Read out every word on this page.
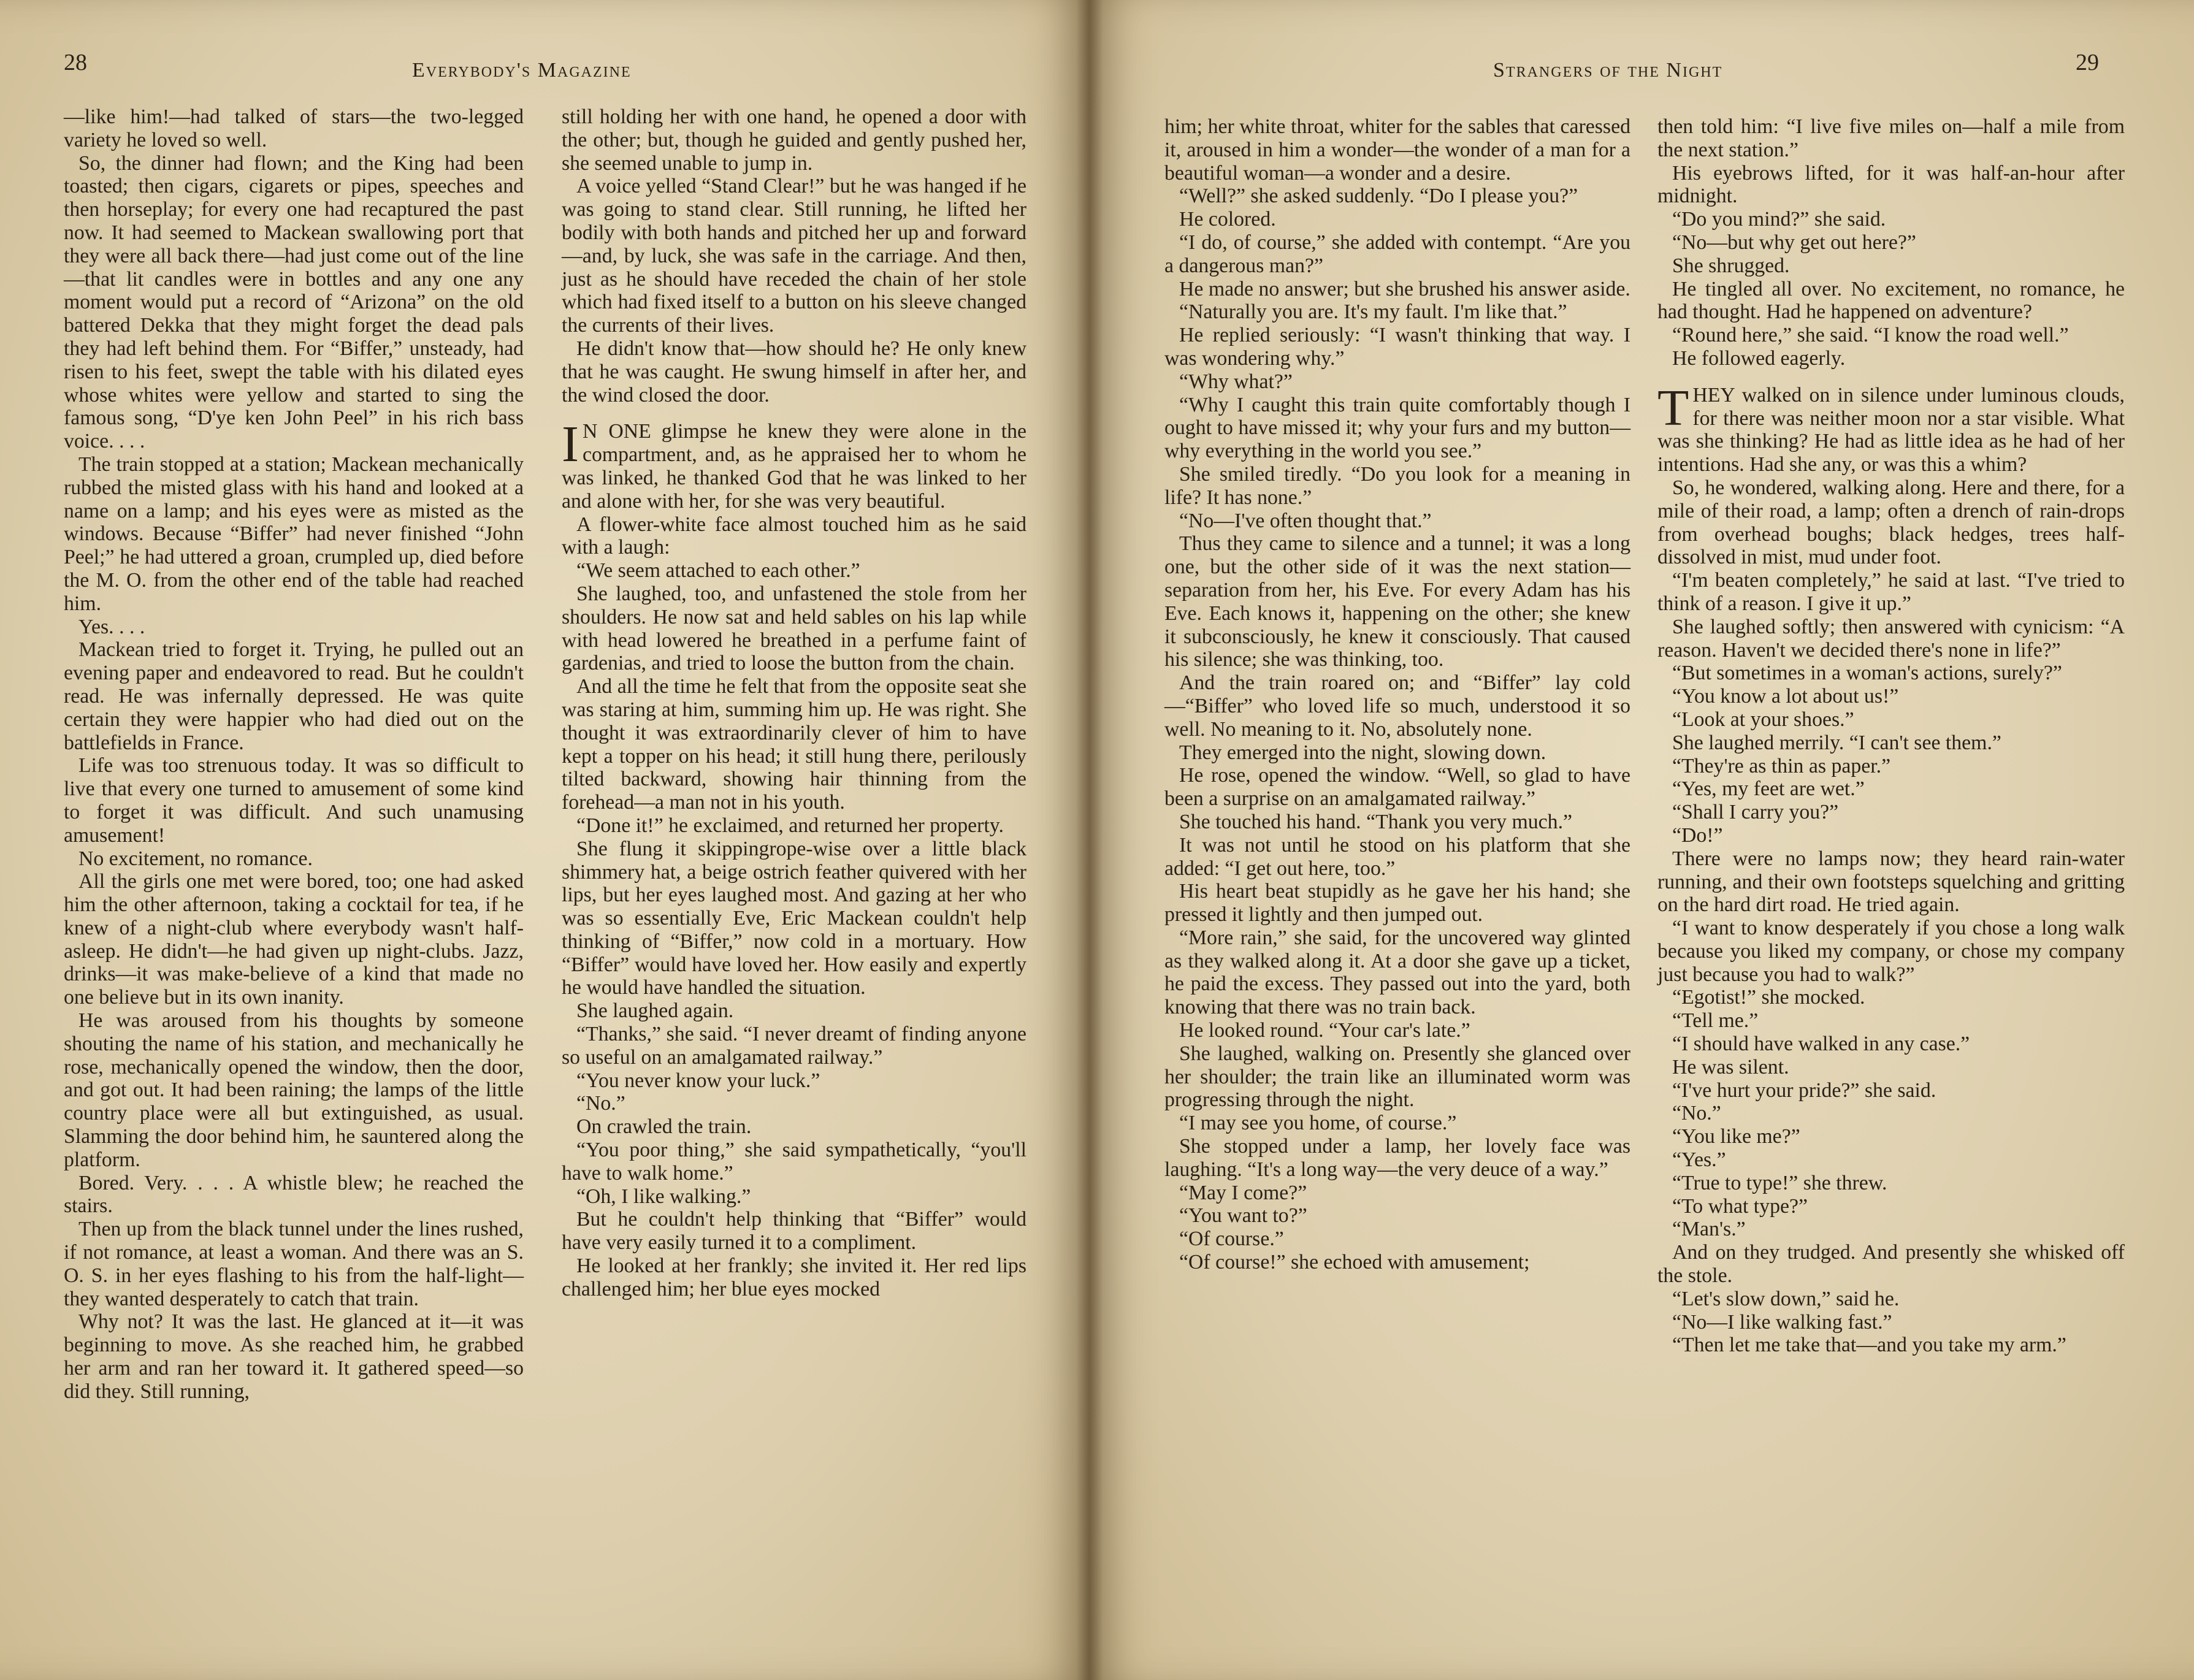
28	Everybody's Magazine

—like him!—had talked of stars—the two-legged variety he loved so well.

So, the dinner had flown; and the King had been toasted; then cigars, cigarets or pipes, speeches and then horseplay; for every one had recaptured the past now. It had seemed to Mackean swallowing port that they were all back there—had just come out of the line—that lit candles were in bottles and any one any moment would put a record of “Arizona” on the old battered Dekka that they might forget the dead pals they had left behind them. For “Biffer,” unsteady, had risen to his feet, swept the table with his dilated eyes whose whites were yellow and started to sing the famous song, “D'ye ken John Peel” in his rich bass voice. . . .

The train stopped at a station; Mackean mechanically rubbed the misted glass with his hand and looked at a name on a lamp; and his eyes were as misted as the windows. Because “Biffer” had never finished “John Peel;” he had uttered a groan, crumpled up, died before the M. O. from the other end of the table had reached him.

Yes. . . .

Mackean tried to forget it. Trying, he pulled out an evening paper and endeavored to read. But he couldn't read. He was infernally depressed. He was quite certain they were happier who had died out on the battlefields in France.

Life was too strenuous today. It was so difficult to live that every one turned to amusement of some kind to forget it was difficult. And such unamusing amusement!

No excitement, no romance.

All the girls one met were bored, too; one had asked him the other afternoon, taking a cocktail for tea, if he knew of a night-club where everybody wasn't half-asleep. He didn't—he had given up night-clubs. Jazz, drinks—it was make-believe of a kind that made no one believe but in its own inanity.

He was aroused from his thoughts by someone shouting the name of his station, and mechanically he rose, mechanically opened the window, then the door, and got out. It had been raining; the lamps of the little country place were all but extinguished, as usual. Slamming the door behind him, he sauntered along the platform.

Bored. Very. . . . A whistle blew; he reached the stairs.

Then up from the black tunnel under the lines rushed, if not romance, at least a woman. And there was an S. O. S. in her eyes flashing to his from the half-light—they wanted desperately to catch that train.

Why not? It was the last. He glanced at it—it was beginning to move. As she reached him, he grabbed her arm and ran her toward it. It gathered speed—so did they. Still running,

still holding her with one hand, he opened a door with the other; but, though he guided and gently pushed her, she seemed unable to jump in.

A voice yelled “Stand Clear!” but he was hanged if he was going to stand clear. Still running, he lifted her bodily with both hands and pitched her up and forward—and, by luck, she was safe in the carriage. And then, just as he should have receded the chain of her stole which had fixed itself to a button on his sleeve changed the currents of their lives.

He didn't know that—how should he? He only knew that he was caught. He swung himself in after her, and the wind closed the door.

I N ONE glimpse he knew they were alone in the compartment, and, as he appraised her to whom he was linked, he thanked God that he was linked to her and alone with her, for she was very beautiful.

A flower-white face almost touched him as he said with a laugh:

“We seem attached to each other.”

She laughed, too, and unfastened the stole from her shoulders. He now sat and held sables on his lap while with head lowered he breathed in a perfume faint of gardenias, and tried to loose the button from the chain.

And all the time he felt that from the opposite seat she was staring at him, summing him up. He was right. She thought it was extraordinarily clever of him to have kept a topper on his head; it still hung there, perilously tilted backward, showing hair thinning from the forehead—a man not in his youth.

“Done it!” he exclaimed, and returned her property.

She flung it skippingrope-wise over a little black shimmery hat, a beige ostrich feather quivered with her lips, but her eyes laughed most. And gazing at her who was so essentially Eve, Eric Mackean couldn't help thinking of “Biffer,” now cold in a mortuary. How “Biffer” would have loved her. How easily and expertly he would have handled the situation.

She laughed again.

“Thanks,” she said. “I never dreamt of finding anyone so useful on an amalgamated railway.”

“You never know your luck.”

“No.”

On crawled the train.

“You poor thing,” she said sympathetically, “you'll have to walk home.”

“Oh, I like walking.”

But he couldn't help thinking that “Biffer” would have very easily turned it to a compliment.

He looked at her frankly; she invited it. Her red lips challenged him; her blue eyes mocked

Strangers of the Night	29

him; her white throat, whiter for the sables that caressed it, aroused in him a wonder—the wonder of a man for a beautiful woman—a wonder and a desire.

“Well?” she asked suddenly. “Do I please you?”

He colored.

“I do, of course,” she added with contempt. “Are you a dangerous man?”

He made no answer; but she brushed his answer aside.

“Naturally you are. It's my fault. I'm like that.”

He replied seriously: “I wasn't thinking that way. I was wondering why.”

“Why what?”

“Why I caught this train quite comfortably though I ought to have missed it; why your furs and my button—why everything in the world you see.”

She smiled tiredly. “Do you look for a meaning in life? It has none.”

“No—I've often thought that.”

Thus they came to silence and a tunnel; it was a long one, but the other side of it was the next station—separation from her, his Eve. For every Adam has his Eve. Each knows it, happening on the other; she knew it subconsciously, he knew it consciously. That caused his silence; she was thinking, too.

And the train roared on; and “Biffer” lay cold—“Biffer” who loved life so much, understood it so well. No meaning to it. No, absolutely none.

They emerged into the night, slowing down.

He rose, opened the window. “Well, so glad to have been a surprise on an amalgamated railway.”

She touched his hand. “Thank you very much.”

It was not until he stood on his platform that she added: “I get out here, too.”

His heart beat stupidly as he gave her his hand; she pressed it lightly and then jumped out.

“More rain,” she said, for the uncovered way glinted as they walked along it. At a door she gave up a ticket, he paid the excess. They passed out into the yard, both knowing that there was no train back.

He looked round. “Your car's late.”

She laughed, walking on. Presently she glanced over her shoulder; the train like an illuminated worm was progressing through the night.

“I may see you home, of course.”

She stopped under a lamp, her lovely face was laughing. “It's a long way—the very deuce of a way.”

“May I come?”

“You want to?”

“Of course.”

“Of course!” she echoed with amusement;

then told him: “I live five miles on—half a mile from the next station.”

His eyebrows lifted, for it was half-an-hour after midnight.

“Do you mind?” she said.

“No—but why get out here?”

She shrugged.

He tingled all over. No excitement, no romance, he had thought. Had he happened on adventure?

“Round here,” she said. “I know the road well.”

He followed eagerly.

THEY walked on in silence under luminous clouds, for there was neither moon nor a star visible. What was she thinking? He had as little idea as he had of her intentions. Had she any, or was this a whim?

So, he wondered, walking along. Here and there, for a mile of their road, a lamp; often a drench of rain-drops from overhead boughs; black hedges, trees half-dissolved in mist, mud under foot.

“I'm beaten completely,” he said at last. “I've tried to think of a reason. I give it up.”

She laughed softly; then answered with cynicism: “A reason. Haven't we decided there's none in life?”

“But sometimes in a woman's actions, surely?”

“You know a lot about us!”

“Look at your shoes.”

She laughed merrily. “I can't see them.”

“They're as thin as paper.”

“Yes, my feet are wet.”

“Shall I carry you?”

“Do!”

There were no lamps now; they heard rain-water running, and their own footsteps squelching and gritting on the hard dirt road. He tried again.

“I want to know desperately if you chose a long walk because you liked my company, or chose my company just because you had to walk?”

“Egotist!” she mocked.

“Tell me.”

“I should have walked in any case.”

He was silent.

“I've hurt your pride?” she said.

“No.”

“You like me?”

“Yes.”

“True to type!” she threw.

“To what type?”

“Man's.”

And on they trudged. And presently she whisked off the stole.

“Let's slow down,” said he.

“No—I like walking fast.”

“Then let me take that—and you take my arm.”
